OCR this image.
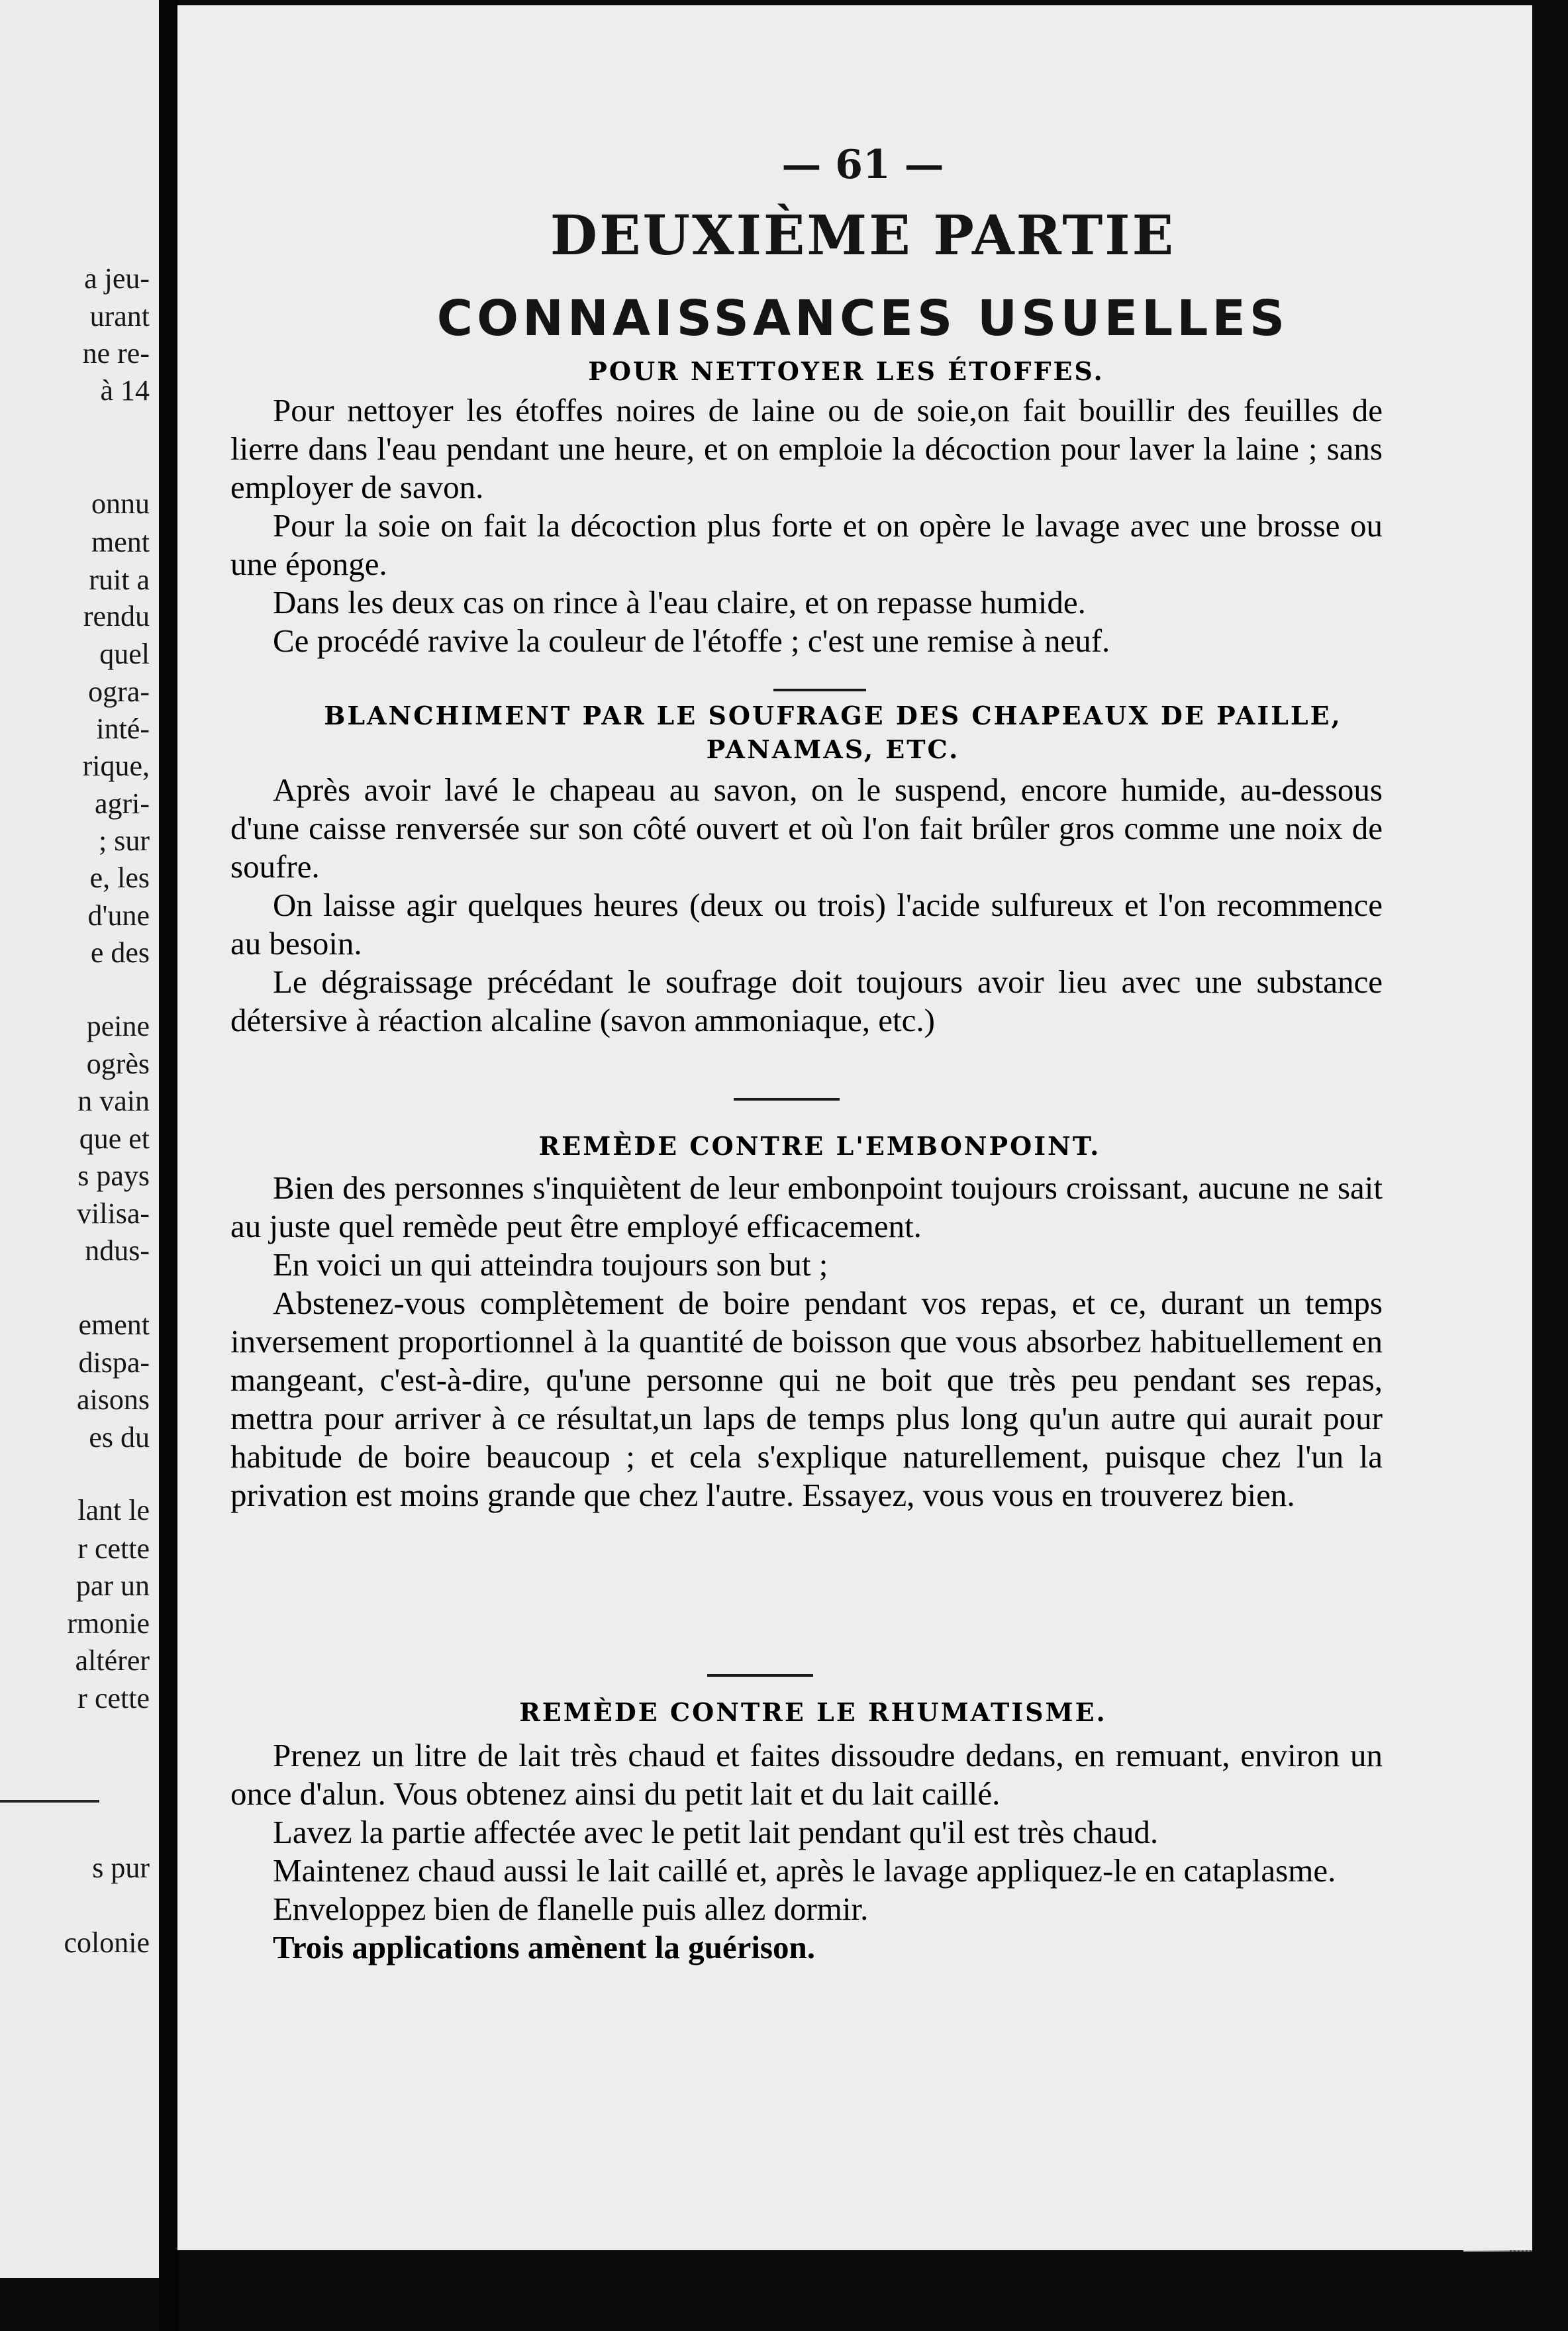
a jeu-
urant
ne re-
à 14
onnu
ment
ruit a
rendu
quel
ogra-
inté-
rique,
agri-
; sur
e, les
d'une
e des
peine
ogrès
n vain
que et
s pays
vilisa-
ndus-
ement
dispa-
aisons
es du
lant le
r cette
par un
rmonie
altérer
r cette
s pur
colonie
— 61 —
DEUXIÈME PARTIE
CONNAISSANCES USUELLES
POUR NETTOYER LES ÉTOFFES.

Pour nettoyer les étoffes noires de laine ou de soie,on fait bouillir des feuilles de lierre dans l'eau pendant une heure, et on emploie la décoction pour laver la laine ; sans employer de savon.

Pour la soie on fait la décoction plus forte et on opère le lavage avec une brosse ou une éponge.

Dans les deux cas on rince à l'eau claire, et on repasse humide.

Ce procédé ravive la couleur de l'étoffe ; c'est une remise à neuf.

BLANCHIMENT PAR LE SOUFRAGE DES CHAPEAUX DE PAILLE,
PANAMAS, ETC.

Après avoir lavé le chapeau au savon, on le suspend, encore humide, au-dessous d'une caisse renversée sur son côté ouvert et où l'on fait brûler gros comme une noix de soufre.

On laisse agir quelques heures (deux ou trois) l'acide sulfureux et l'on recommence au besoin.

Le dégraissage précédant le soufrage doit toujours avoir lieu avec une substance détersive à réaction alcaline (savon ammoniaque, etc.)

REMÈDE CONTRE L'EMBONPOINT.

Bien des personnes s'inquiètent de leur embonpoint toujours croissant, aucune ne sait au juste quel remède peut être employé efficacement.

En voici un qui atteindra toujours son but ;

Abstenez-vous complètement de boire pendant vos repas, et ce, durant un temps inversement proportionnel à la quantité de boisson que vous absorbez habituellement en mangeant, c'est-à-dire, qu'une personne qui ne boit que très peu pendant ses repas, mettra pour arriver à ce résultat,un laps de temps plus long qu'un autre qui aurait pour habitude de boire beaucoup ; et cela s'explique naturellement, puisque chez l'un la privation est moins grande que chez l'autre. Essayez, vous vous en trouverez bien.

REMÈDE CONTRE LE RHUMATISME.

Prenez un litre de lait très chaud et faites dissoudre dedans, en remuant, environ un once d'alun. Vous obtenez ainsi du petit lait et du lait caillé.

Lavez la partie affectée avec le petit lait pendant qu'il est très chaud.

Maintenez chaud aussi le lait caillé et, après le lavage appliquez-le en cataplasme.

Enveloppez bien de flanelle puis allez dormir.

Trois applications amènent la guérison.
